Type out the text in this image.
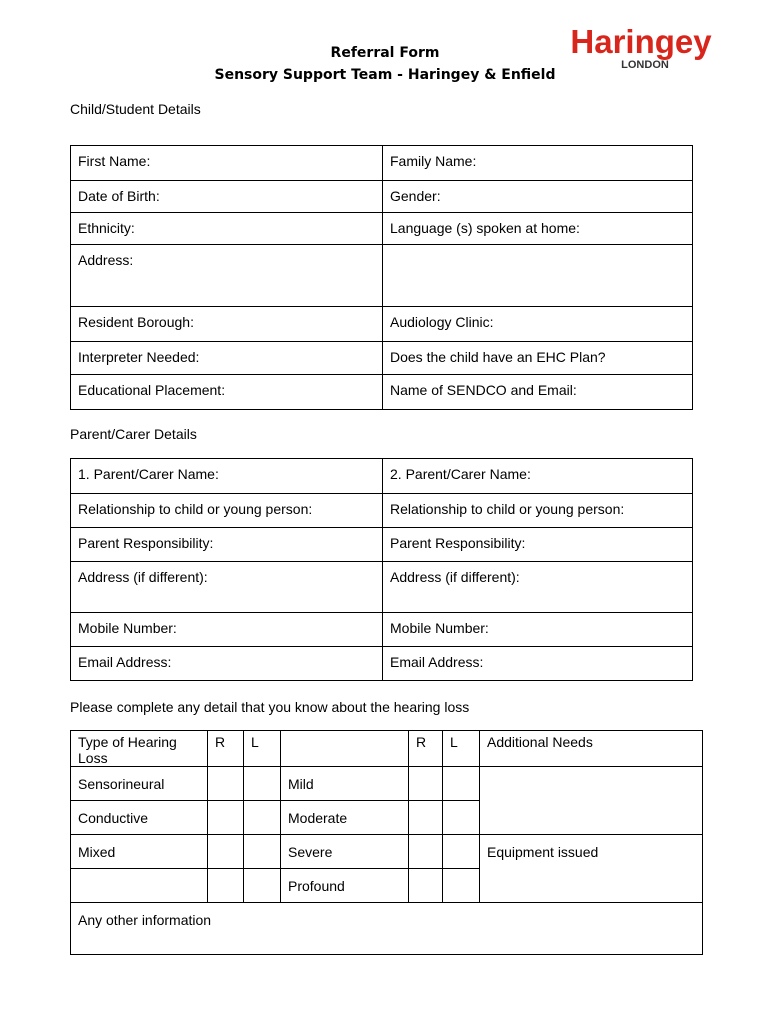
Referral Form
Sensory Support Team - Haringey & Enfield
Haringey
LONDON
Child/Student Details
First Name:	Family Name:
Date of Birth:	Gender:
Ethnicity:	Language (s) spoken at home:
Address:	
Resident Borough:	Audiology Clinic:
Interpreter Needed:	Does the child have an EHC Plan?
Educational Placement:	Name of SENDCO and Email:
Parent/Carer Details
1. Parent/Carer Name:	2. Parent/Carer Name:
Relationship to child or young person:	Relationship to child or young person:
Parent Responsibility:	Parent Responsibility:
Address (if different):	Address (if different):
Mobile Number:	Mobile Number:
Email Address:	Email Address:
Please complete any detail that you know about the hearing loss
Type of Hearing Loss	R	L		R	L	Additional Needs
Sensorineural			Mild			
Conductive			Moderate			
Mixed			Severe			Equipment issued
			Profound			
Any other information						
